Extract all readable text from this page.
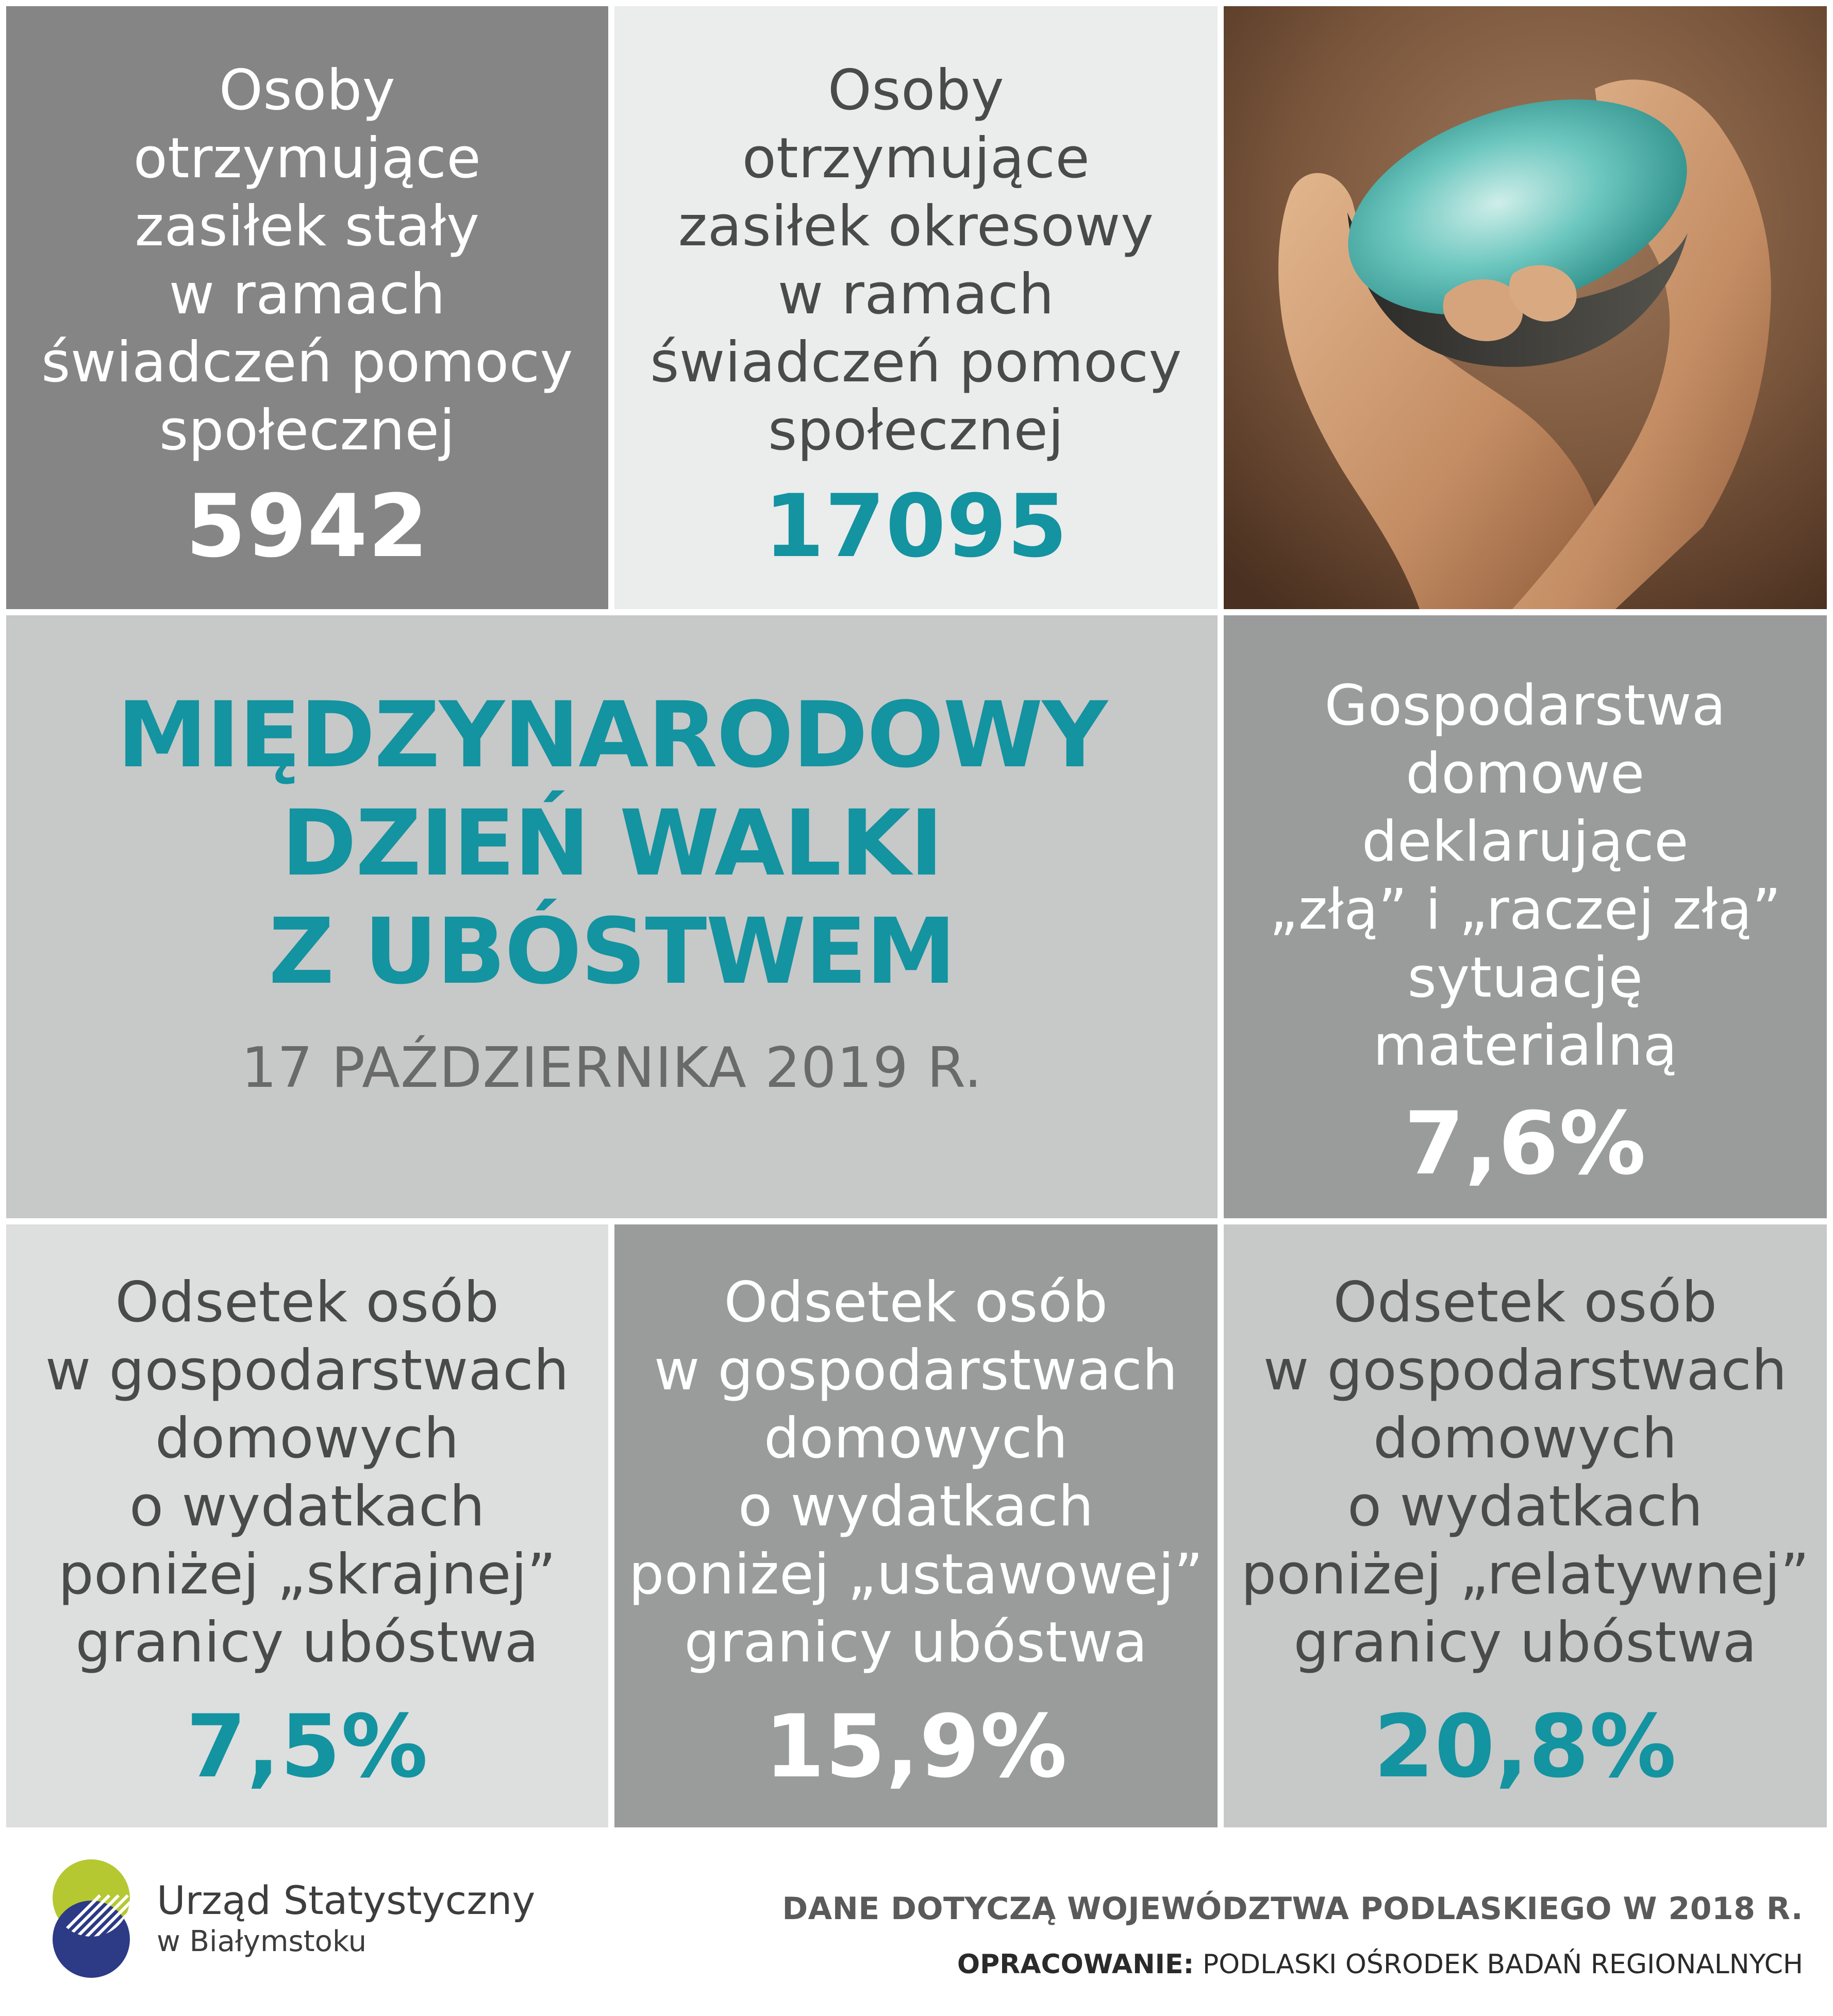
Osoby
otrzymujące
zasiłek stały
w ramach
świadczeń pomocy
społecznej
5942
Osoby
otrzymujące
zasiłek okresowy
w ramach
świadczeń pomocy
społecznej
17095
MIĘDZYNARODOWY
DZIEŃ WALKI
Z UBÓSTWEM
17 PAŹDZIERNIKA 2019 R.
Gospodarstwa
domowe
deklarujące
„złą” i „raczej złą”
sytuację
materialną
7,6%
Odsetek osób
w gospodarstwach
domowych
o wydatkach
poniżej „skrajnej”
granicy ubóstwa
7,5%
Odsetek osób
w gospodarstwach
domowych
o wydatkach
poniżej „ustawowej”
granicy ubóstwa
15,9%
Odsetek osób
w gospodarstwach
domowych
o wydatkach
poniżej „relatywnej”
granicy ubóstwa
20,8%
Urząd Statystyczny
w Białymstoku
DANE DOTYCZĄ WOJEWÓDZTWA PODLASKIEGO W 2018 R.
OPRACOWANIE: PODLASKI OŚRODEK BADAŃ REGIONALNYCH
